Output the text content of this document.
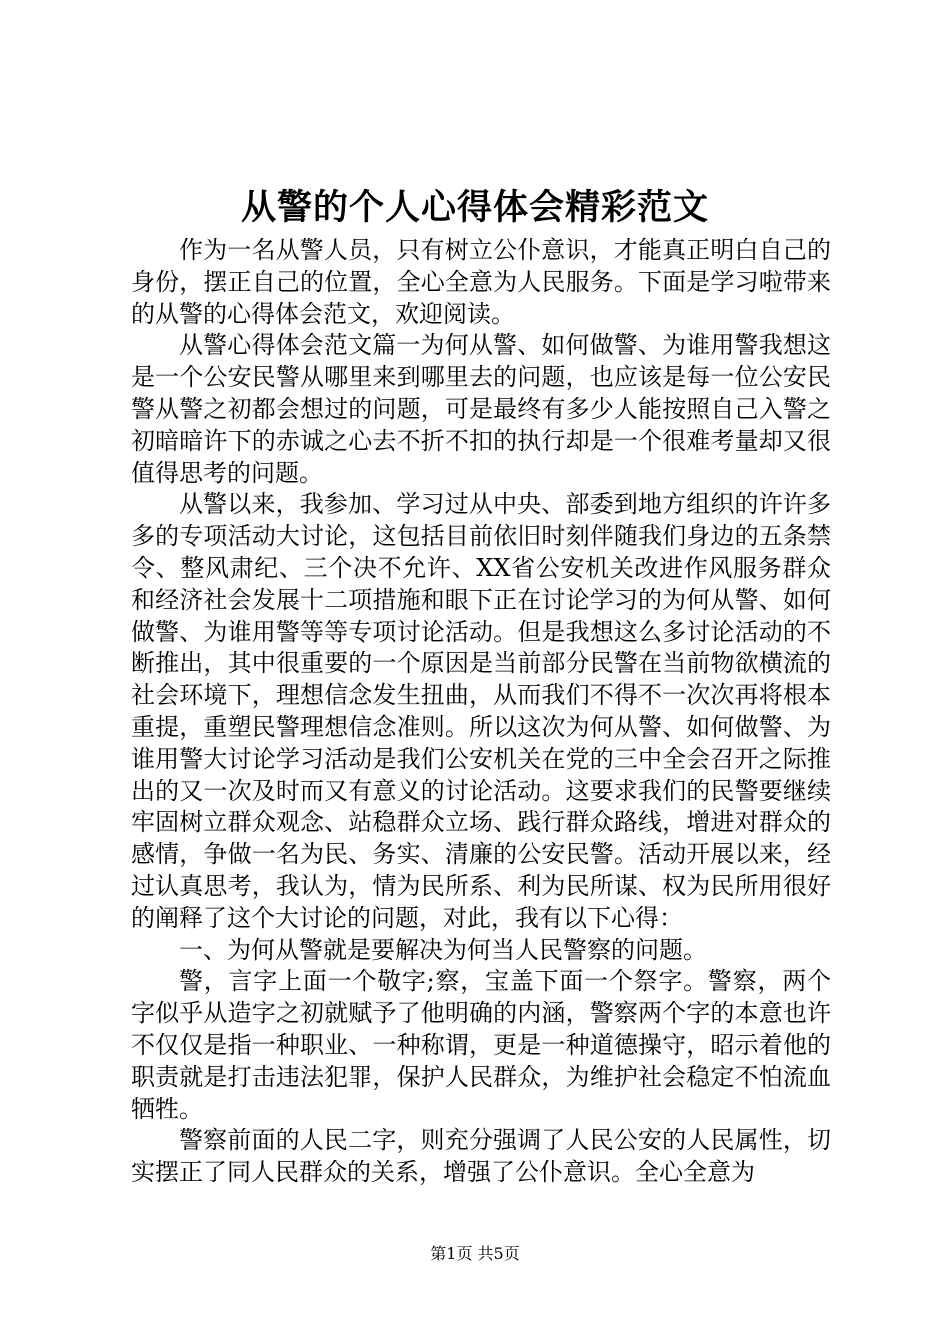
从警的个人心得体会精彩范文

作为一名从警人员，只有树立公仆意识，才能真正明白自己的身份，摆正自己的位置，全心全意为人民服务。下面是学习啦带来的从警的心得体会范文，欢迎阅读。

从警心得体会范文篇一为何从警、如何做警、为谁用警我想这是一个公安民警从哪里来到哪里去的问题，也应该是每一位公安民警从警之初都会想过的问题，可是最终有多少人能按照自己入警之初暗暗许下的赤诚之心去不折不扣的执行却是一个很难考量却又很值得思考的问题。

从警以来，我参加、学习过从中央、部委到地方组织的许许多多的专项活动大讨论，这包括目前依旧时刻伴随我们身边的五条禁令、整风肃纪、三个决不允许、XX省公安机关改进作风服务群众和经济社会发展十二项措施和眼下正在讨论学习的为何从警、如何做警、为谁用警等等专项讨论活动。但是我想这么多讨论活动的不断推出，其中很重要的一个原因是当前部分民警在当前物欲横流的社会环境下，理想信念发生扭曲，从而我们不得不一次次再将根本重提，重塑民警理想信念准则。所以这次为何从警、如何做警、为谁用警大讨论学习活动是我们公安机关在党的三中全会召开之际推出的又一次及时而又有意义的讨论活动。这要求我们的民警要继续牢固树立群众观念、站稳群众立场、践行群众路线，增进对群众的感情，争做一名为民、务实、清廉的公安民警。活动开展以来，经过认真思考，我认为，情为民所系、利为民所谋、权为民所用很好的阐释了这个大讨论的问题，对此，我有以下心得：

一、为何从警就是要解决为何当人民警察的问题。

警，言字上面一个敬字;察，宝盖下面一个祭字。警察，两个字似乎从造字之初就赋予了他明确的内涵，警察两个字的本意也许不仅仅是指一种职业、一种称谓，更是一种道德操守，昭示着他的职责就是打击违法犯罪，保护人民群众，为维护社会稳定不怕流血牺牲。

警察前面的人民二字，则充分强调了人民公安的人民属性，切实摆正了同人民群众的关系，增强了公仆意识。全心全意为

第1页 共5页
